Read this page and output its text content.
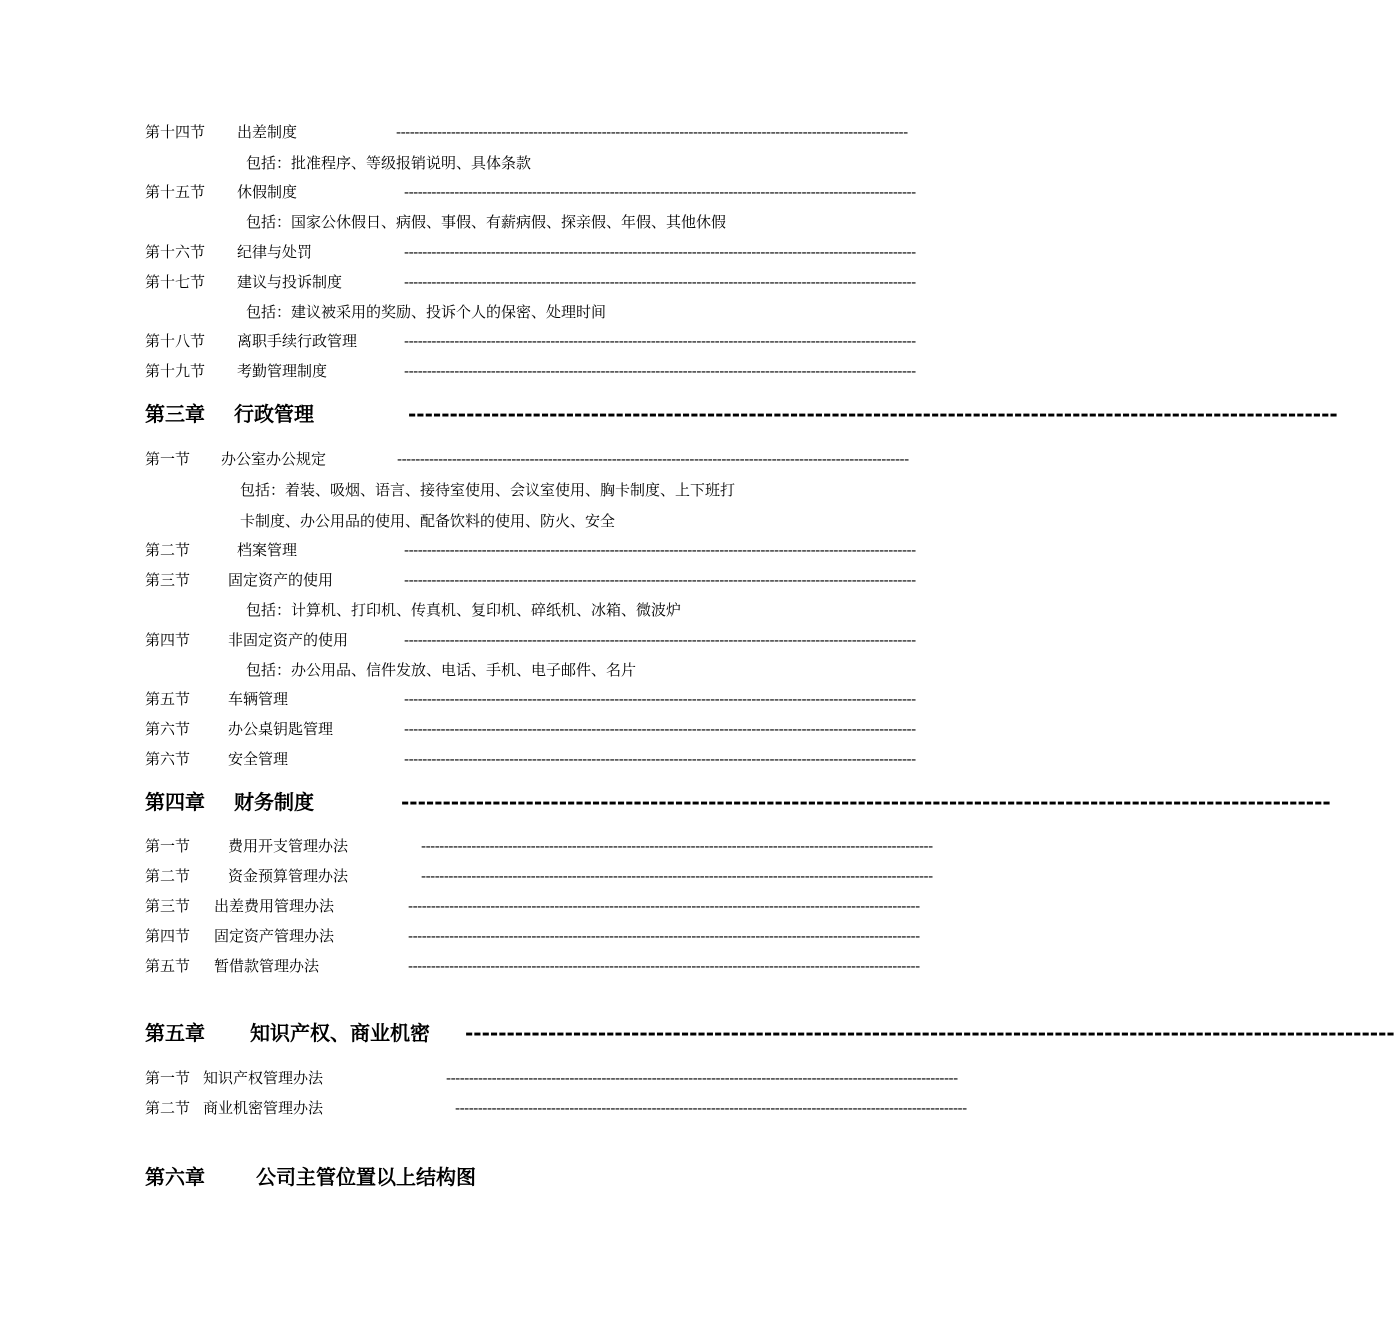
第十四节 出差制度	----------------------------------------------------------------------------------------------------------------
包括：批准程序、等级报销说明、具体条款
第十五节 休假制度	----------------------------------------------------------------------------------------------------------------
包括：国家公休假日、病假、事假、有薪病假、探亲假、年假、其他休假
第十六节 纪律与处罚	----------------------------------------------------------------------------------------------------------------
第十七节 建议与投诉制度	----------------------------------------------------------------------------------------------------------------
包括：建议被采用的奖励、投诉个人的保密、处理时间
第十八节 离职手续行政管理	----------------------------------------------------------------------------------------------------------------
第十九节 考勤管理制度	----------------------------------------------------------------------------------------------------------------
第三章 行政管理	----------------------------------------------------------------------------------------------------------------
第一节 办公室办公规定	----------------------------------------------------------------------------------------------------------------
包括：着装、吸烟、语言、接待室使用、会议室使用、胸卡制度、上下班打
卡制度、办公用品的使用、配备饮料的使用、防火、安全
第二节	档案管理	----------------------------------------------------------------------------------------------------------------
第三节	固定资产的使用	----------------------------------------------------------------------------------------------------------------
包括：计算机、打印机、传真机、复印机、碎纸机、冰箱、微波炉
第四节	非固定资产的使用	----------------------------------------------------------------------------------------------------------------
包括：办公用品、信件发放、电话、手机、电子邮件、名片
第五节	车辆管理	----------------------------------------------------------------------------------------------------------------
第六节	办公桌钥匙管理	----------------------------------------------------------------------------------------------------------------
第六节	安全管理	----------------------------------------------------------------------------------------------------------------
第四章 财务制度	----------------------------------------------------------------------------------------------------------------
第一节	费用开支管理办法	----------------------------------------------------------------------------------------------------------------
第二节	资金预算管理办法	----------------------------------------------------------------------------------------------------------------
第三节 出差费用管理办法	----------------------------------------------------------------------------------------------------------------
第四节 固定资产管理办法	----------------------------------------------------------------------------------------------------------------
第五节 暂借款管理办法	----------------------------------------------------------------------------------------------------------------
第五章 知识产权、商业机密 ----------------------------------------------------------------------------------------------------------------
第一节 知识产权管理办法	----------------------------------------------------------------------------------------------------------------
第二节 商业机密管理办法	----------------------------------------------------------------------------------------------------------------
第六章	公司主管位置以上结构图
